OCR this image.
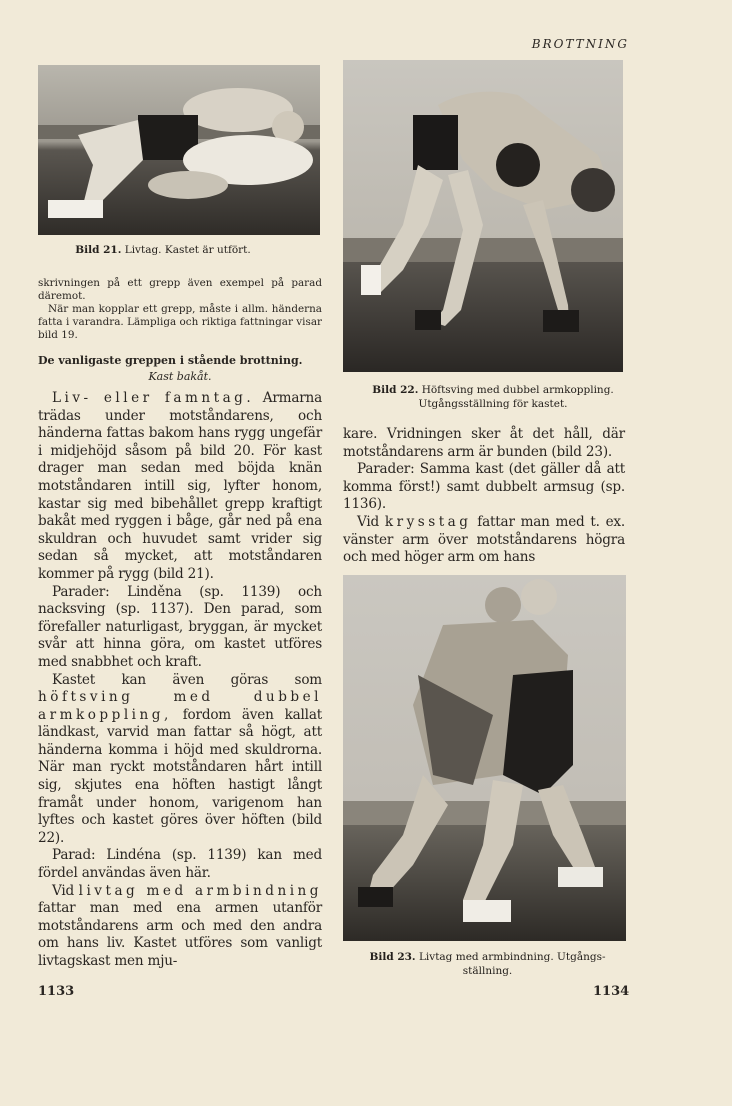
BROTTNING
Bild 21. Livtag. Kastet är utfört.
Bild 22. Höftsving med dubbel armkoppling.
Utgångsställning för kastet.
Bild 23. Livtag med armbindning. Utgångs-
ställning.

skrivningen på ett grepp även exempel på parad däremot.

När man kopplar ett grepp, måste i allm. händerna fatta i varandra. Lämpliga och riktiga fattningar visar bild 19.

De vanligaste greppen i stående brottning.

Kast bakåt.

Liv- eller famntag. Armarna trädas under motståndarens, och händerna fattas bakom hans rygg ungefär i midjehöjd såsom på bild 20. För kast drager man sedan med böjda knän motståndaren intill sig, lyfter honom, kastar sig med bibehållet grepp kraftigt bakåt med ryggen i båge, går ned på ena skuldran och huvudet samt vrider sig sedan så mycket, att motståndaren kommer på rygg (bild 21).

Parader: Linděna (sp. 1139) och nacksving (sp. 1137). Den parad, som förefaller naturligast, bryggan, är mycket svår att hinna göra, om kastet utföres med snabbhet och kraft.

Kastet kan även göras som höftsving med dubbel armkoppling, fordom även kallat ländkast, varvid man fattar så högt, att händerna komma i höjd med skuldrorna. När man ryckt motståndaren hårt intill sig, skjutes ena höften hastigt långt framåt under honom, varigenom han lyftes och kastet göres över höften (bild 22).

Parad: Lindéna (sp. 1139) kan med fördel användas även här.

Vid livtag med armbindning fattar man med ena armen utanför motståndarens arm och med den andra om hans liv. Kastet utföres som vanligt livtagskast men mju-

kare. Vridningen sker åt det håll, där motståndarens arm är bunden (bild 23).

Parader: Samma kast (det gäller då att komma först!) samt dubbelt armsug (sp. 1136).

Vid krysstag fattar man med t. ex. vänster arm över motståndarens högra och med höger arm om hans

1133	1134
